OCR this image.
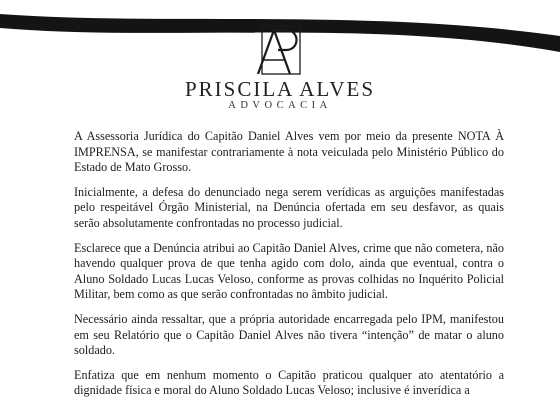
PRISCILA ALVES
ADVOCACIA

A Assessoria Jurídica do Capitão Daniel Alves vem por meio da presente NOTA À IMPRENSA, se manifestar contrariamente à nota veiculada pelo Ministério Público do Estado de Mato Grosso.

Inicialmente, a defesa do denunciado nega serem verídicas as arguições manifestadas pelo respeitável Órgão Ministerial, na Denúncia ofertada em seu desfavor, as quais serão absolutamente confrontadas no processo judicial.

Esclarece que a Denúncia atribui ao Capitão Daniel Alves, crime que não cometera, não havendo qualquer prova de que tenha agido com dolo, ainda que eventual, contra o Aluno Soldado Lucas Lucas Veloso, conforme as provas colhidas no Inquérito Policial Militar, bem como as que serão confrontadas no âmbito judicial.

Necessário ainda ressaltar, que a própria autoridade encarregada pelo IPM, manifestou em seu Relatório que o Capitão Daniel Alves não tivera “intenção” de matar o aluno soldado.

Enfatiza que em nenhum momento o Capitão praticou qualquer ato atentatório a dignidade física e moral do Aluno Soldado Lucas Veloso; inclusive é inverídica a
